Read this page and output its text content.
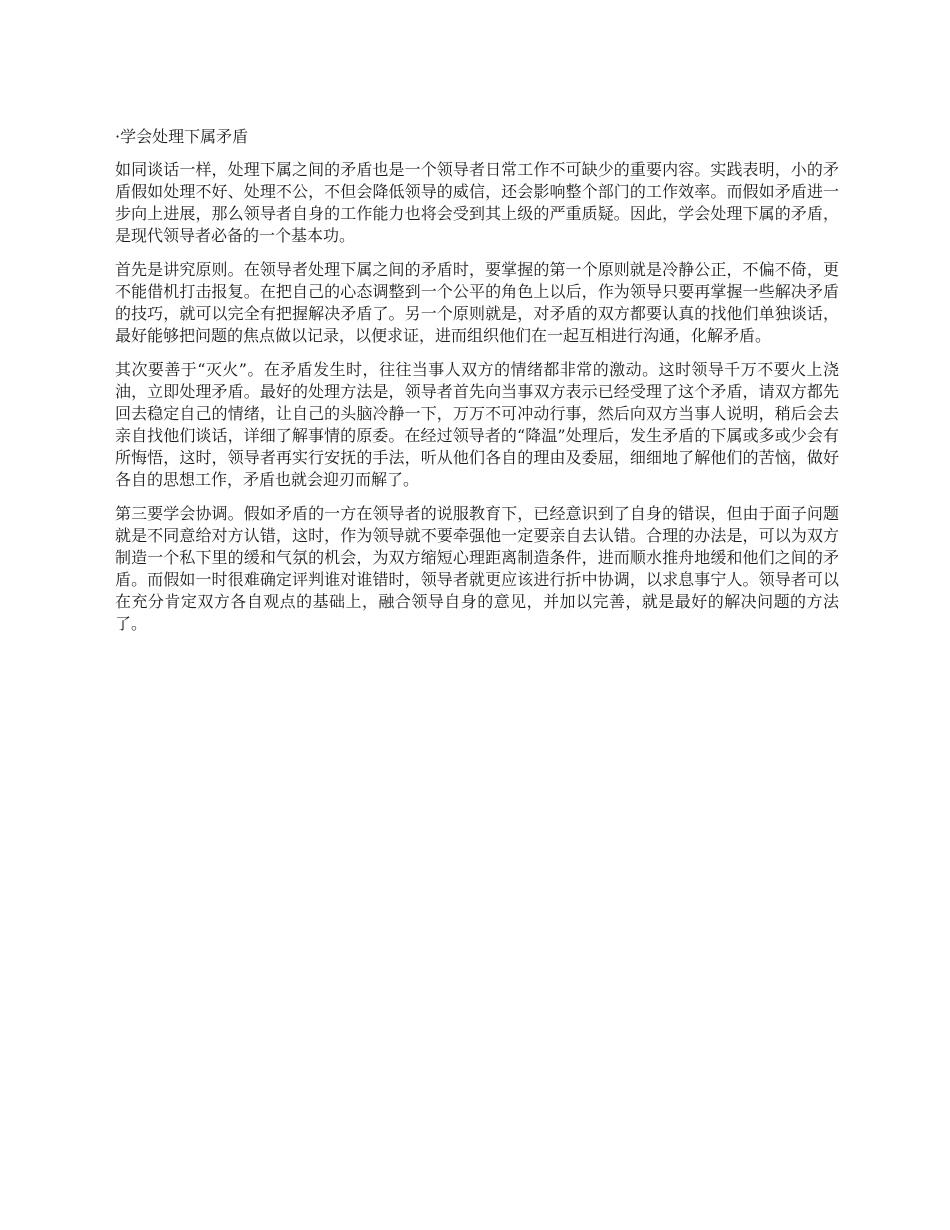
·学会处理下属矛盾

如同谈话一样，处理下属之间的矛盾也是一个领导者日常工作不可缺少的重要内容。实践表明，小的矛盾假如处理不好、处理不公，不但会降低领导的威信，还会影响整个部门的工作效率。而假如矛盾进一步向上进展，那么领导者自身的工作能力也将会受到其上级的严重质疑。因此，学会处理下属的矛盾，是现代领导者必备的一个基本功。

首先是讲究原则。在领导者处理下属之间的矛盾时，要掌握的第一个原则就是冷静公正，不偏不倚，更不能借机打击报复。在把自己的心态调整到一个公平的角色上以后，作为领导只要再掌握一些解决矛盾的技巧，就可以完全有把握解决矛盾了。另一个原则就是，对矛盾的双方都要认真的找他们单独谈话，最好能够把问题的焦点做以记录，以便求证，进而组织他们在一起互相进行沟通，化解矛盾。

其次要善于“灭火”。在矛盾发生时，往往当事人双方的情绪都非常的激动。这时领导千万不要火上浇油，立即处理矛盾。最好的处理方法是，领导者首先向当事双方表示已经受理了这个矛盾，请双方都先回去稳定自己的情绪，让自己的头脑冷静一下，万万不可冲动行事，然后向双方当事人说明，稍后会去亲自找他们谈话，详细了解事情的原委。在经过领导者的“降温”处理后，发生矛盾的下属或多或少会有所悔悟，这时，领导者再实行安抚的手法，听从他们各自的理由及委屈，细细地了解他们的苦恼，做好各自的思想工作，矛盾也就会迎刃而解了。

第三要学会协调。假如矛盾的一方在领导者的说服教育下，已经意识到了自身的错误，但由于面子问题就是不同意给对方认错，这时，作为领导就不要牵强他一定要亲自去认错。合理的办法是，可以为双方制造一个私下里的缓和气氛的机会，为双方缩短心理距离制造条件，进而顺水推舟地缓和他们之间的矛盾。而假如一时很难确定评判谁对谁错时，领导者就更应该进行折中协调，以求息事宁人。领导者可以在充分肯定双方各自观点的基础上，融合领导自身的意见，并加以完善，就是最好的解决问题的方法了。
